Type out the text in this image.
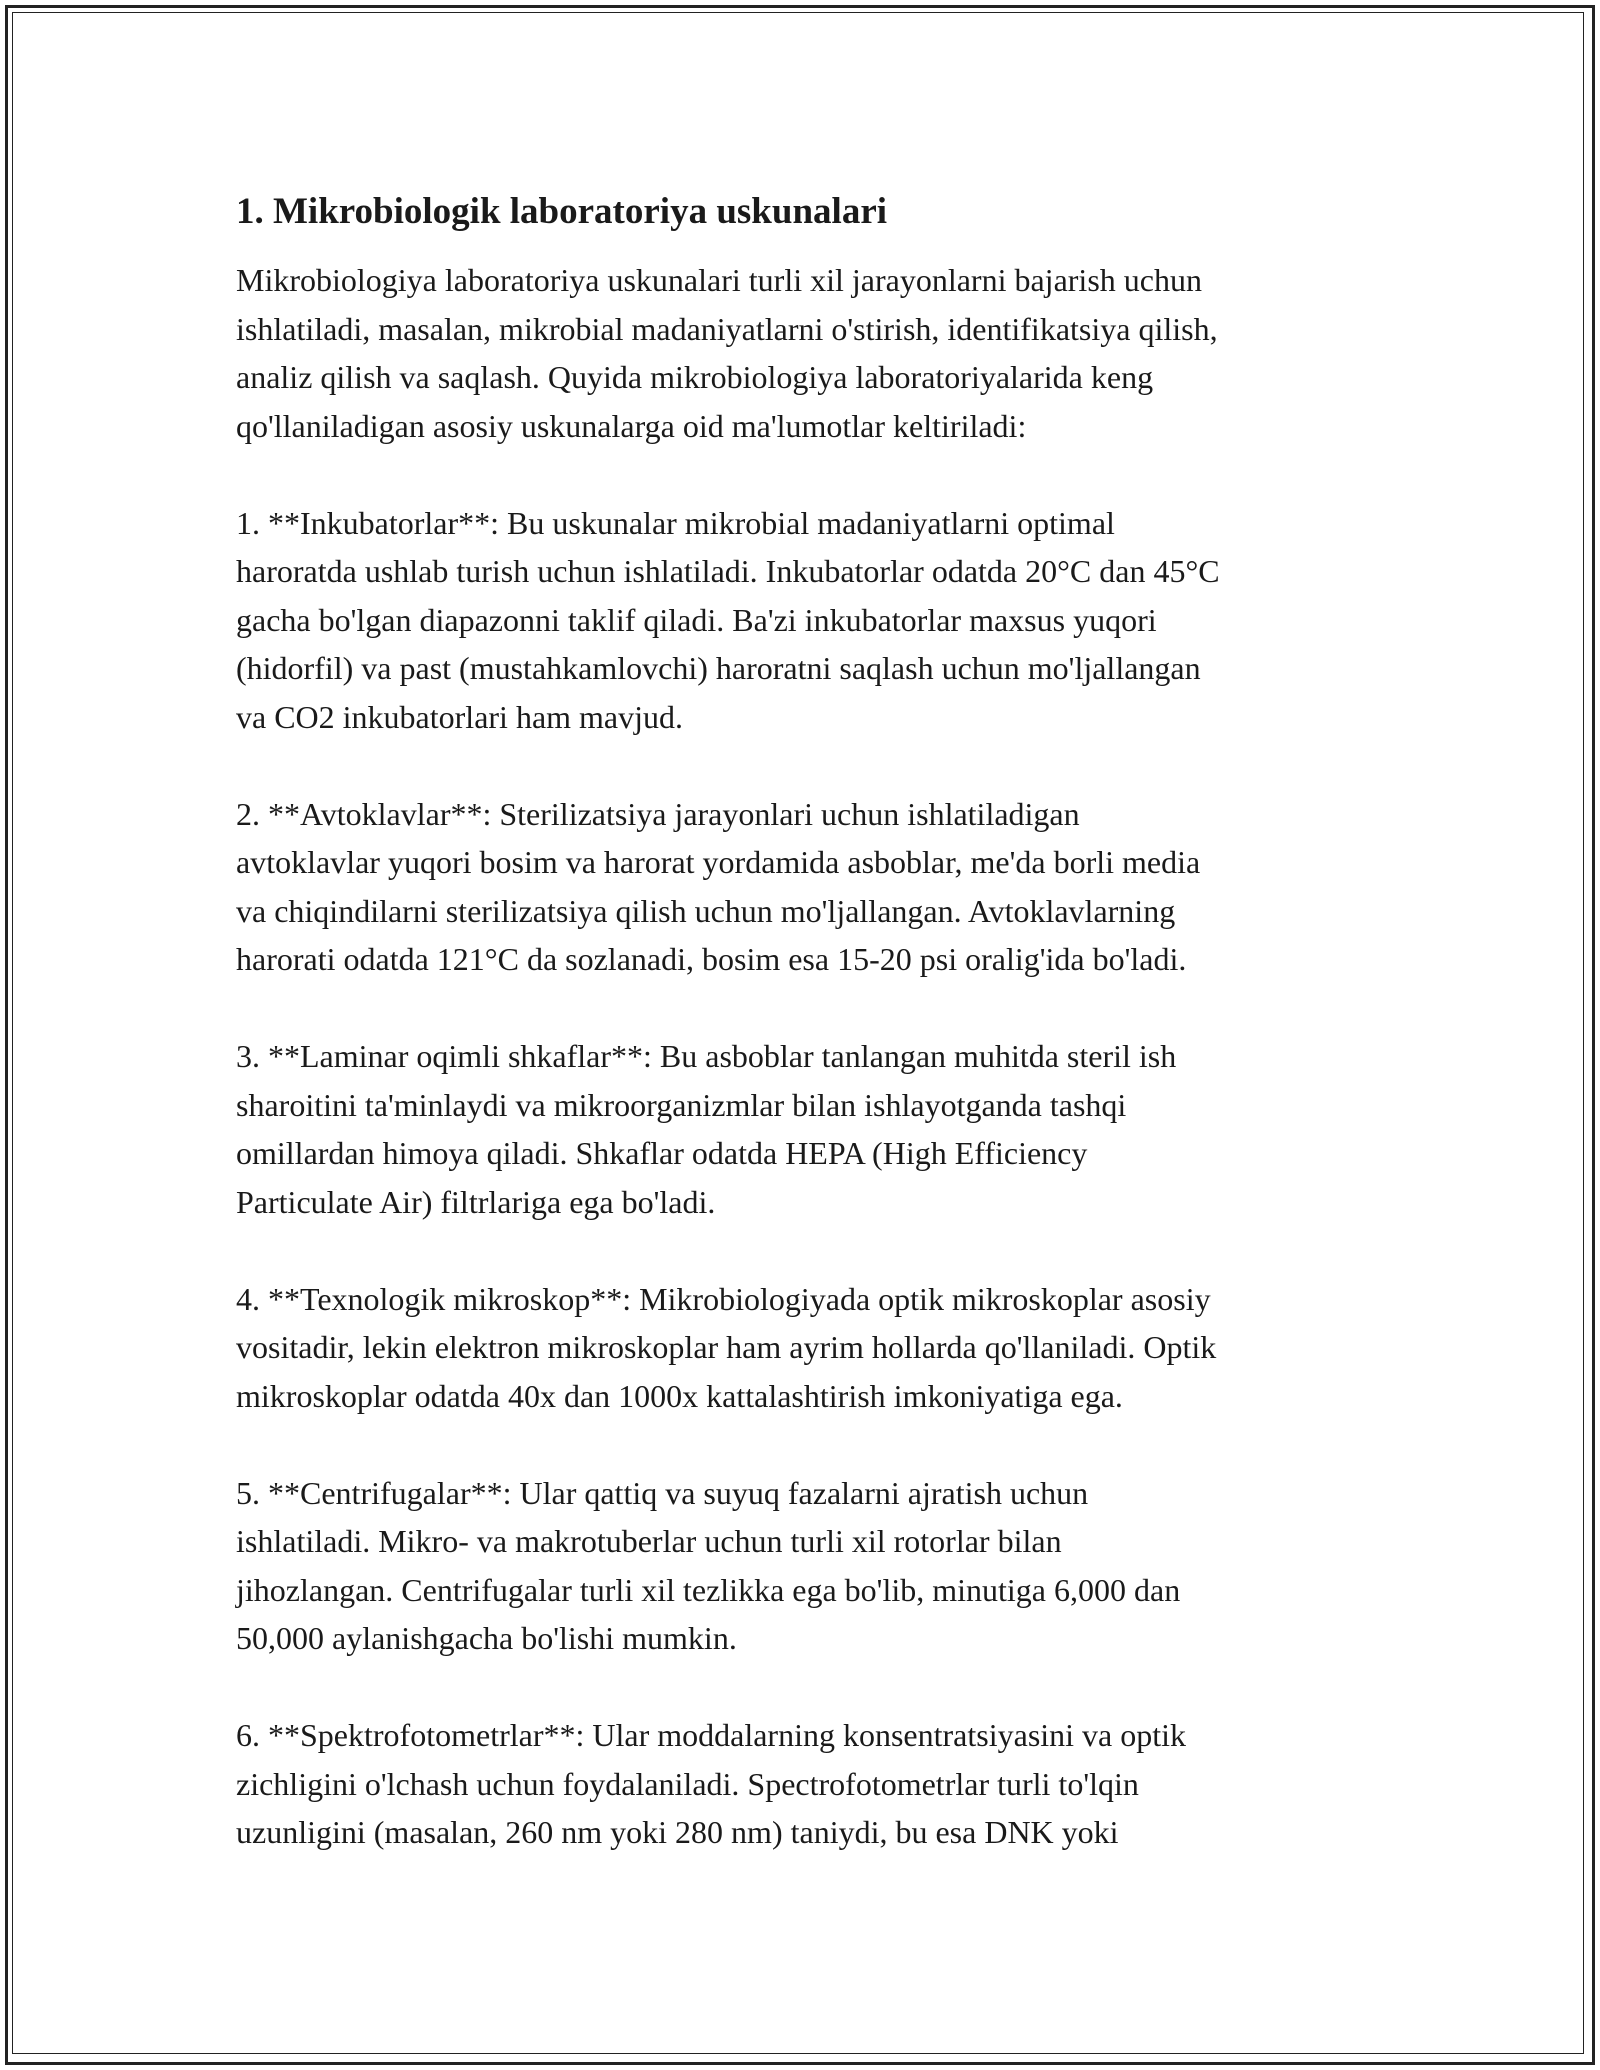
1. Mikrobiologik laboratoriya uskunalari

Mikrobiologiya laboratoriya uskunalari turli xil jarayonlarni bajarish uchun
ishlatiladi, masalan, mikrobial madaniyatlarni o'stirish, identifikatsiya qilish,
analiz qilish va saqlash. Quyida mikrobiologiya laboratoriyalarida keng
qo'llaniladigan asosiy uskunalarga oid ma'lumotlar keltiriladi:

1. **Inkubatorlar**: Bu uskunalar mikrobial madaniyatlarni optimal
haroratda ushlab turish uchun ishlatiladi. Inkubatorlar odatda 20°C dan 45°C
gacha bo'lgan diapazonni taklif qiladi. Ba'zi inkubatorlar maxsus yuqori
(hidorfil) va past (mustahkamlovchi) haroratni saqlash uchun mo'ljallangan
va CO2 inkubatorlari ham mavjud.

2. **Avtoklavlar**: Sterilizatsiya jarayonlari uchun ishlatiladigan
avtoklavlar yuqori bosim va harorat yordamida asboblar, me'da borli media
va chiqindilarni sterilizatsiya qilish uchun mo'ljallangan. Avtoklavlarning
harorati odatda 121°C da sozlanadi, bosim esa 15-20 psi oralig'ida bo'ladi.

3. **Laminar oqimli shkaflar**: Bu asboblar tanlangan muhitda steril ish
sharoitini ta'minlaydi va mikroorganizmlar bilan ishlayotganda tashqi
omillardan himoya qiladi. Shkaflar odatda HEPA (High Efficiency
Particulate Air) filtrlariga ega bo'ladi.

4. **Texnologik mikroskop**: Mikrobiologiyada optik mikroskoplar asosiy
vositadir, lekin elektron mikroskoplar ham ayrim hollarda qo'llaniladi. Optik
mikroskoplar odatda 40x dan 1000x kattalashtirish imkoniyatiga ega.

5. **Centrifugalar**: Ular qattiq va suyuq fazalarni ajratish uchun
ishlatiladi. Mikro- va makrotuberlar uchun turli xil rotorlar bilan
jihozlangan. Centrifugalar turli xil tezlikka ega bo'lib, minutiga 6,000 dan
50,000 aylanishgacha bo'lishi mumkin.

6. **Spektrofotometrlar**: Ular moddalarning konsentratsiyasini va optik
zichligini o'lchash uchun foydalaniladi. Spectrofotometrlar turli to'lqin
uzunligini (masalan, 260 nm yoki 280 nm) taniydi, bu esa DNK yoki
